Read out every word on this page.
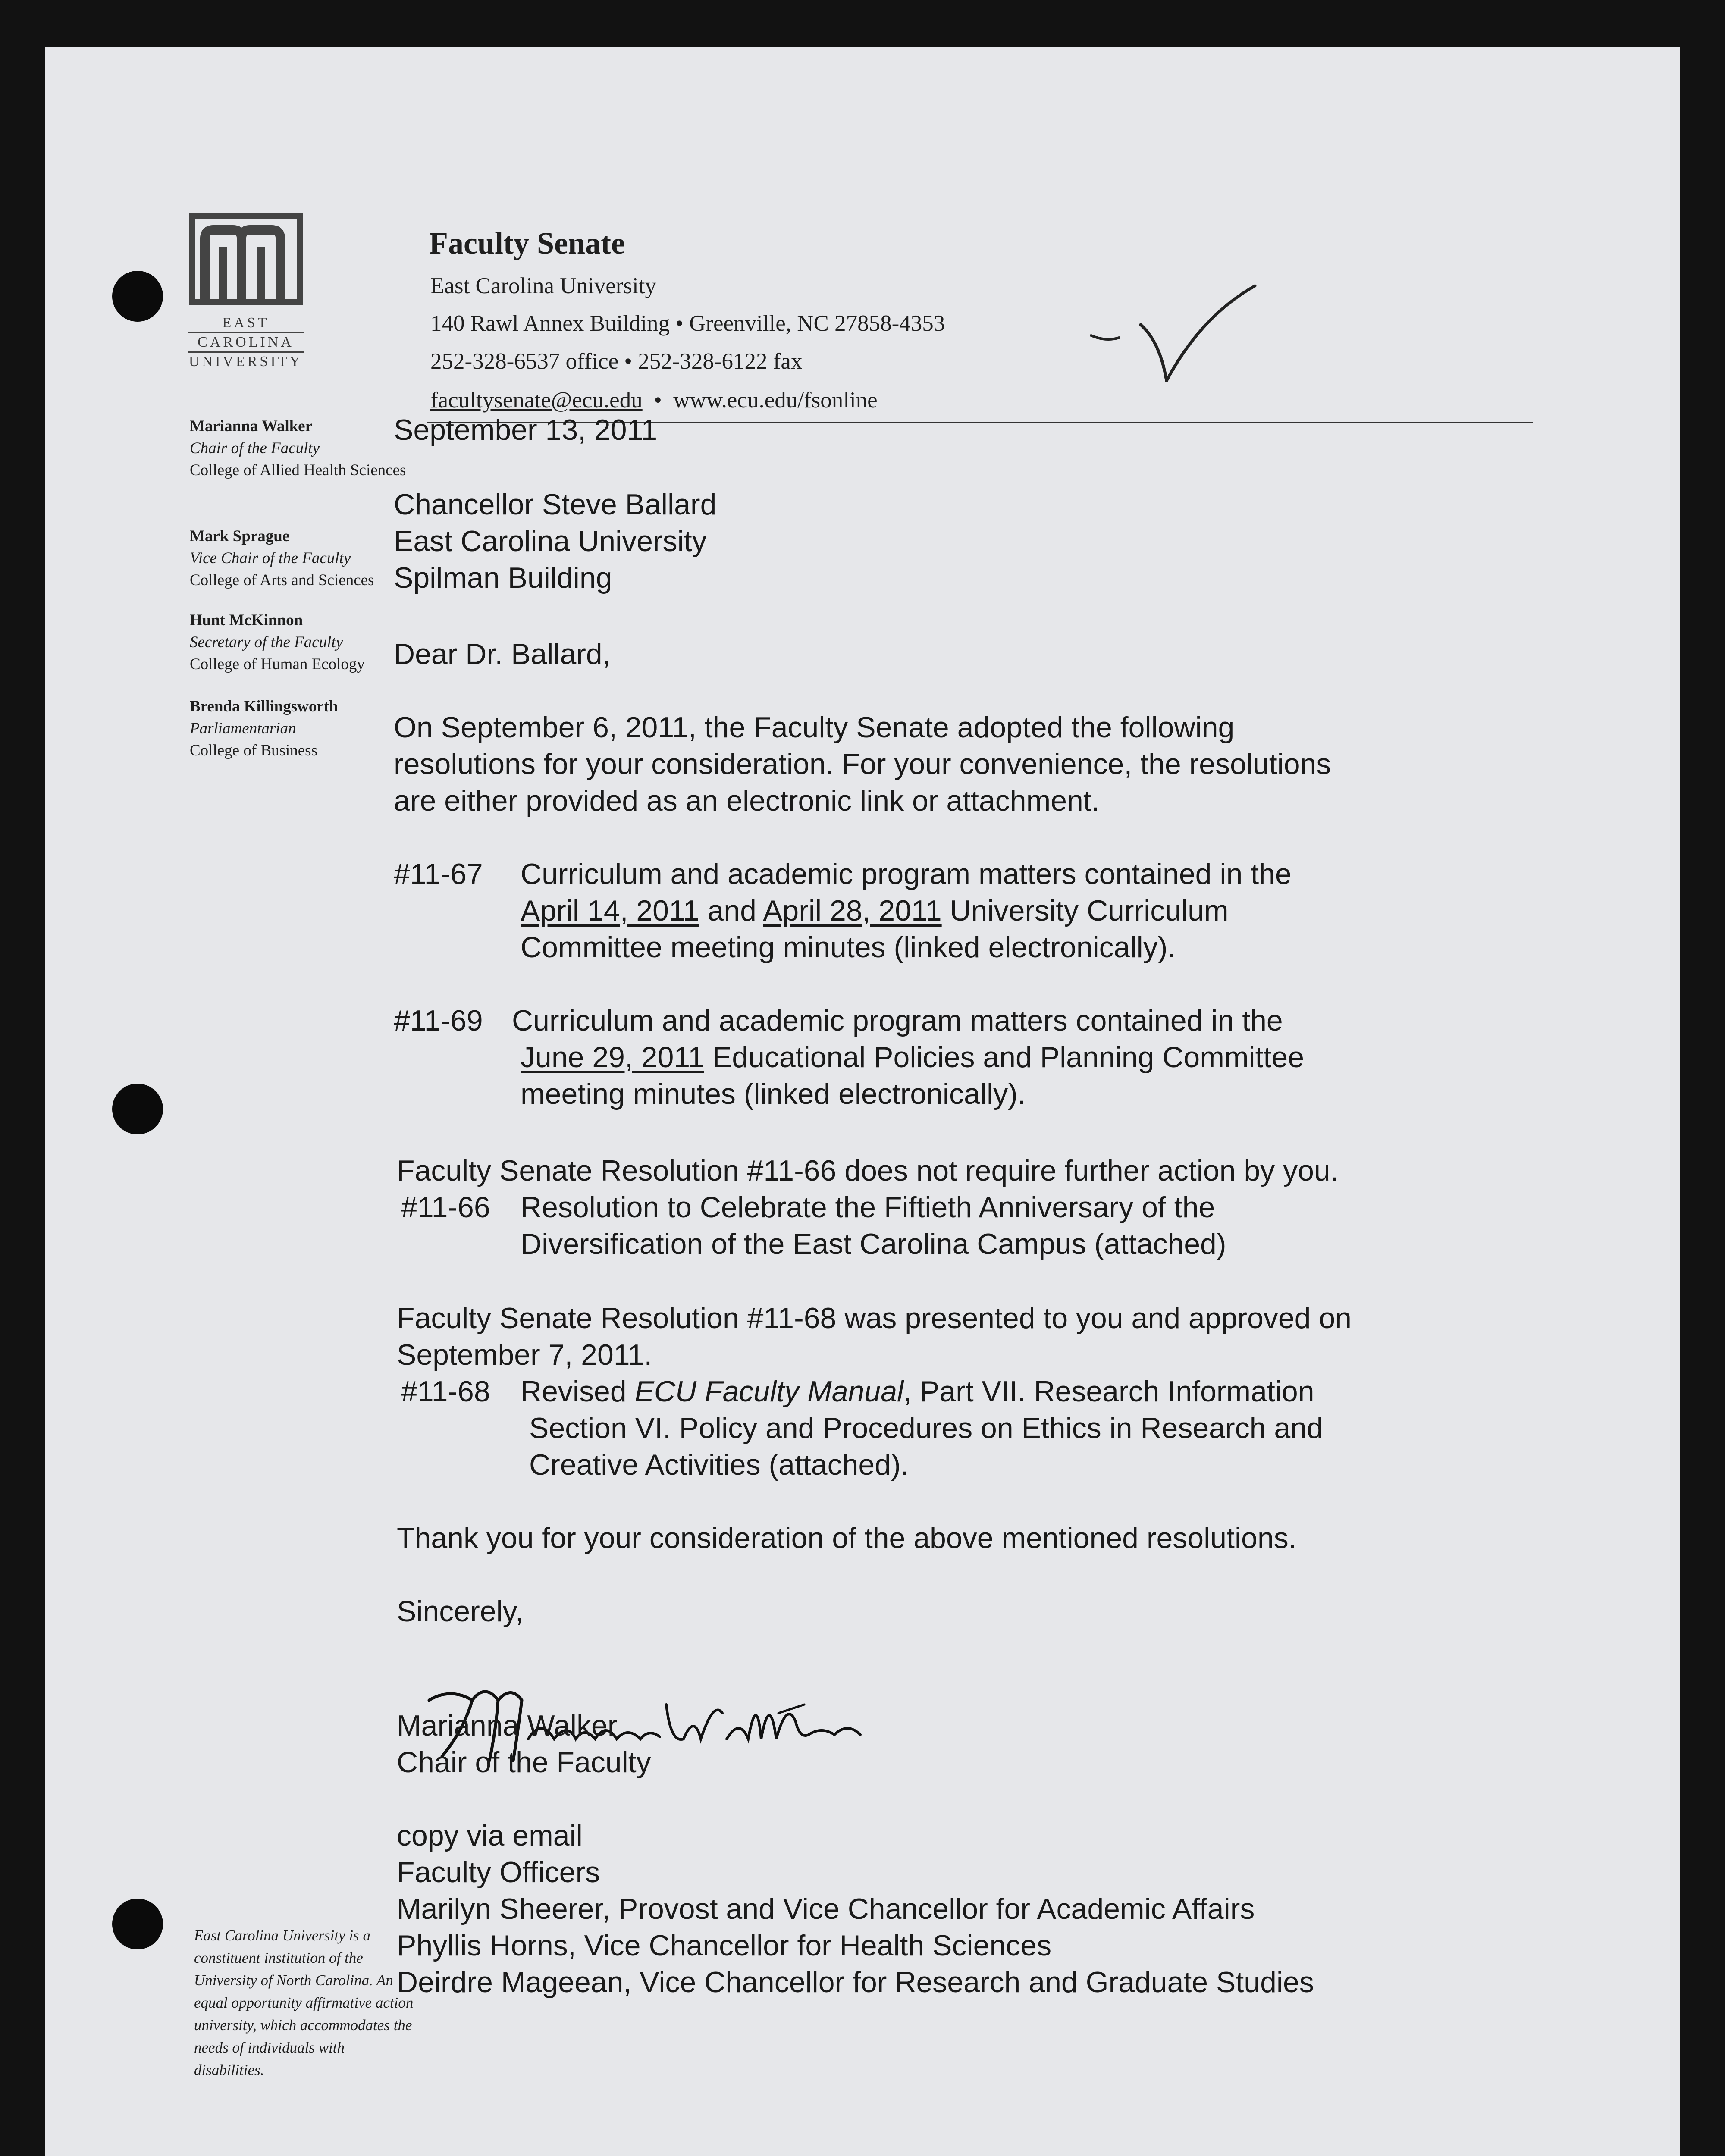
EAST
CAROLINA
UNIVERSITY
Faculty Senate
East Carolina University
140 Rawl Annex Building • Greenville, NC 27858-4353
252-328-6537 office • 252-328-6122 fax
facultysenate@ecu.edu  •  www.ecu.edu/fsonline
Marianna Walker
Chair of the Faculty
College of Allied Health Sciences
Mark Sprague
Vice Chair of the Faculty
College of Arts and Sciences
Hunt McKinnon
Secretary of the Faculty
College of Human Ecology
Brenda Killingsworth
Parliamentarian
College of Business
East Carolina University is a constituent institution of the University of North Carolina. An equal opportunity affirmative action university, which accommodates the needs of individuals with disabilities.
September 13, 2011
Chancellor Steve Ballard
East Carolina University
Spilman Building
Dear Dr. Ballard,
On September 6, 2011, the Faculty Senate adopted the following
resolutions for your consideration. For your convenience, the resolutions
are either provided as an electronic link or attachment.
#11-67 Curriculum and academic program matters contained in the
April 14, 2011 and April 28, 2011 University Curriculum
Committee meeting minutes (linked electronically).
#11-69 Curriculum and academic program matters contained in the
June 29, 2011 Educational Policies and Planning Committee
meeting minutes (linked electronically).
Faculty Senate Resolution #11-66 does not require further action by you.
#11-66 Resolution to Celebrate the Fiftieth Anniversary of the
Diversification of the East Carolina Campus (attached)
Faculty Senate Resolution #11-68 was presented to you and approved on
September 7, 2011.
#11-68 Revised ECU Faculty Manual, Part VII. Research Information
Section VI. Policy and Procedures on Ethics in Research and
Creative Activities (attached).
Thank you for your consideration of the above mentioned resolutions.
Sincerely,
Marianna Walker
Chair of the Faculty
copy via email
Faculty Officers
Marilyn Sheerer, Provost and Vice Chancellor for Academic Affairs
Phyllis Horns, Vice Chancellor for Health Sciences
Deirdre Mageean, Vice Chancellor for Research and Graduate Studies
